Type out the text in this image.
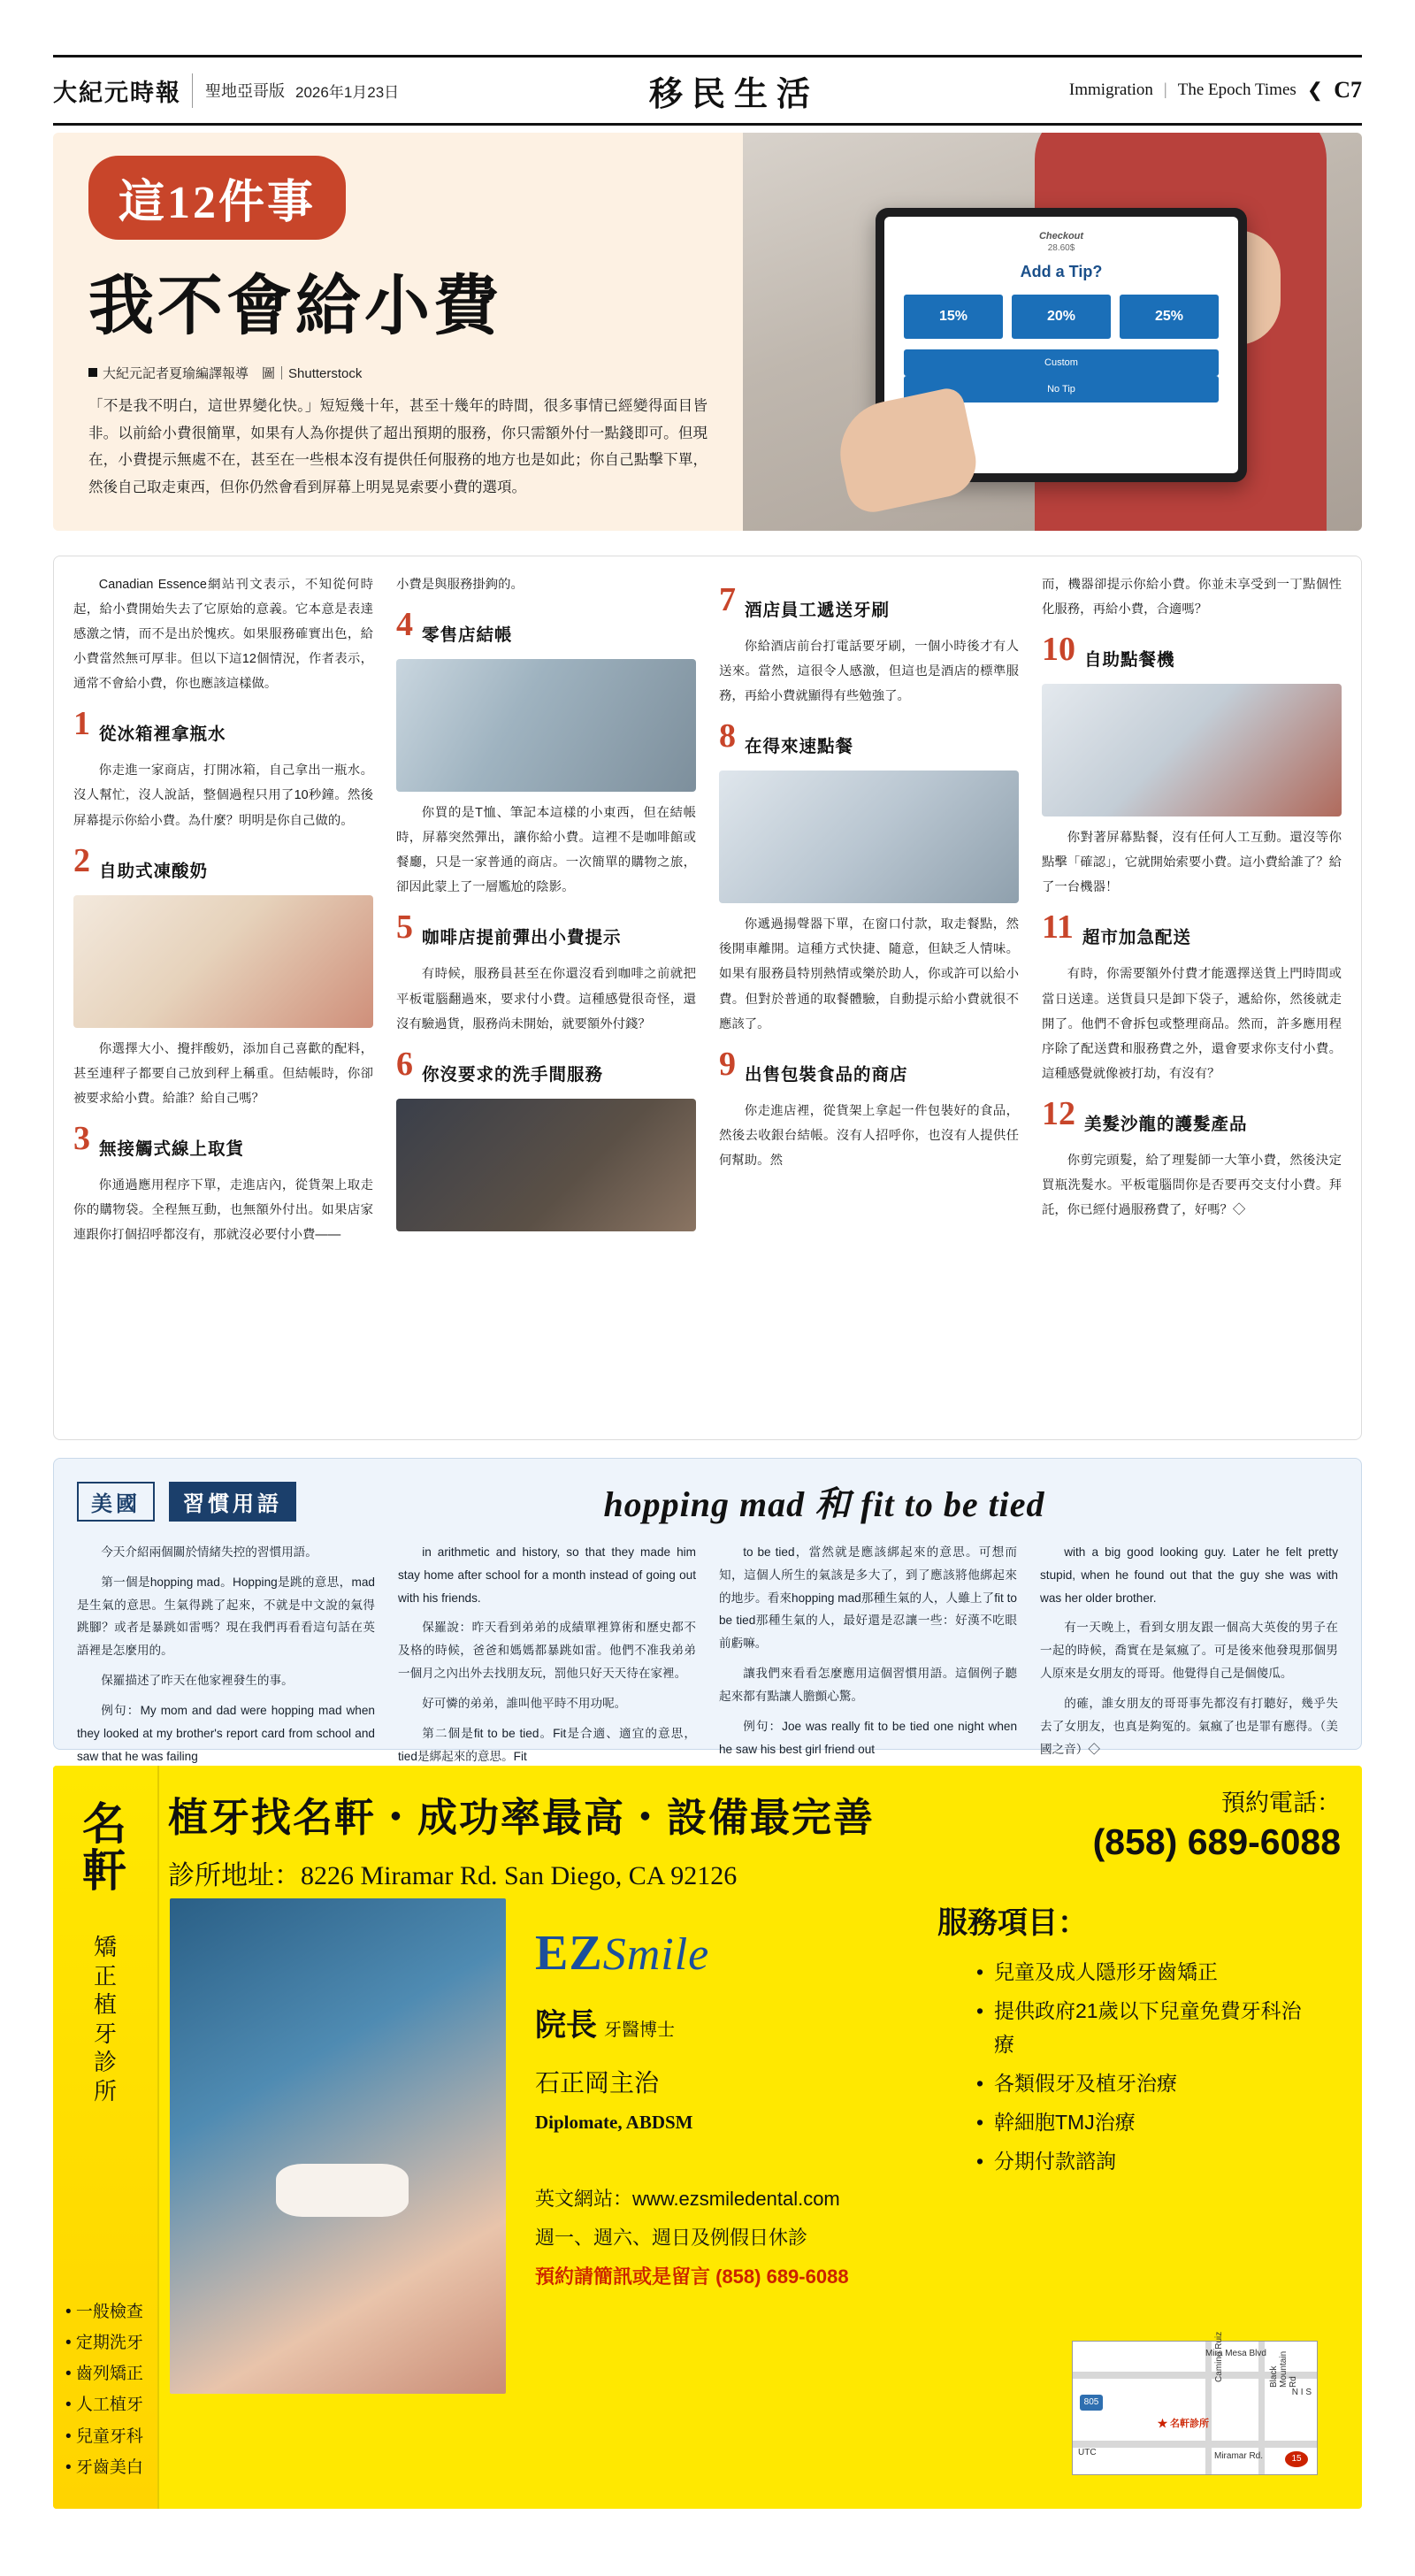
大紀元時報	聖地亞哥版 2026年1月23日	移民生活	Immigration | The Epoch Times ❮ C7
這12件事
我不會給小費
大紀元記者夏瑜編譯報導　圖｜Shutterstock
「不是我不明白，這世界變化快。」短短幾十年，甚至十幾年的時間，很多事情已經變得面目皆非。以前給小費很簡單，如果有人為你提供了超出預期的服務，你只需額外付一點錢即可。但現在，小費提示無處不在，甚至在一些根本沒有提供任何服務的地方也是如此；你自己點擊下單，然後自己取走東西，但你仍然會看到屏幕上明晃晃索要小費的選項。
Checkout
28.60$
Add a Tip?
15%	20%	25%
Custom
No Tip

Canadian Essence網站刊文表示，不知從何時起，給小費開始失去了它原始的意義。它本意是表達感激之情，而不是出於愧疚。如果服務確實出色，給小費當然無可厚非。但以下這12個情況，作者表示，通常不會給小費，你也應該這樣做。

1 從冰箱裡拿瓶水

你走進一家商店，打開冰箱，自己拿出一瓶水。沒人幫忙，沒人說話，整個過程只用了10秒鐘。然後屏幕提示你給小費。為什麼？明明是你自己做的。

2 自助式凍酸奶

你選擇大小、攪拌酸奶，添加自己喜歡的配料，甚至連秤子都要自己放到秤上稱重。但結帳時，你卻被要求給小費。給誰？給自己嗎？

3 無接觸式線上取貨

你通過應用程序下單，走進店內，從貨架上取走你的購物袋。全程無互動，也無額外付出。如果店家連跟你打個招呼都沒有，那就沒必要付小費——

小費是與服務掛鉤的。

4 零售店結帳

你買的是T恤、筆記本這樣的小東西，但在結帳時，屏幕突然彈出，讓你給小費。這裡不是咖啡館或餐廳，只是一家普通的商店。一次簡單的購物之旅，卻因此蒙上了一層尷尬的陰影。

5 咖啡店提前彈出小費提示

有時候，服務員甚至在你還沒看到咖啡之前就把平板電腦翻過來，要求付小費。這種感覺很奇怪，還沒有驗過貨，服務尚未開始，就要額外付錢？

6 你沒要求的洗手間服務
7 酒店員工遞送牙刷

你給酒店前台打電話要牙刷，一個小時後才有人送來。當然，這很令人感激，但這也是酒店的標準服務，再給小費就顯得有些勉強了。

8 在得來速點餐

你遞過揚聲器下單，在窗口付款，取走餐點，然後開車離開。這種方式快捷、隨意，但缺乏人情味。如果有服務員特別熱情或樂於助人，你或許可以給小費。但對於普通的取餐體驗，自動提示給小費就很不應該了。

9 出售包裝食品的商店

你走進店裡，從貨架上拿起一件包裝好的食品，然後去收銀台結帳。沒有人招呼你，也沒有人提供任何幫助。然

而，機器卻提示你給小費。你並未享受到一丁點個性化服務，再給小費，合適嗎？

10 自助點餐機

你對著屏幕點餐，沒有任何人工互動。還沒等你點擊「確認」，它就開始索要小費。這小費給誰了？給了一台機器！

11 超市加急配送

有時，你需要額外付費才能選擇送貨上門時間或當日送達。送貨員只是卸下袋子，遞給你，然後就走開了。他們不會拆包或整理商品。然而，許多應用程序除了配送費和服務費之外，還會要求你支付小費。這種感覺就像被打劫，有沒有？

12 美髮沙龍的護髮產品

你剪完頭髮，給了理髮師一大筆小費，然後決定買瓶洗髮水。平板電腦問你是否要再交支付小費。拜託，你已經付過服務費了，好嗎？◇

美國	習慣用語	hopping mad 和 fit to be tied

今天介紹兩個關於情緒失控的習慣用語。

第一個是hopping mad。Hopping是跳的意思，mad是生氣的意思。生氣得跳了起來，不就是中文說的氣得跳腳？或者是暴跳如雷嗎？現在我們再看看這句話在英語裡是怎麼用的。

保羅描述了昨天在他家裡發生的事。

例句：My mom and dad were hopping mad when they looked at my brother's report card from school and saw that he was failing

in arithmetic and history, so that they made him stay home after school for a month instead of going out with his friends.

保羅說：昨天看到弟弟的成績單裡算術和歷史都不及格的時候，爸爸和媽媽都暴跳如雷。他們不准我弟弟一個月之內出外去找朋友玩，罰他只好天天待在家裡。

好可憐的弟弟，誰叫他平時不用功呢。

第二個是fit to be tied。Fit是合適、適宜的意思，tied是綁起來的意思。Fit

to be tied，當然就是應該綁起來的意思。可想而知，這個人所生的氣該是多大了，到了應該將他綁起來的地步。看來hopping mad那種生氣的人，人雖上了fit to be tied那種生氣的人，最好還是忍讓一些：好漢不吃眼前虧嘛。

讓我們來看看怎麼應用這個習慣用語。這個例子聽起來都有點讓人膽顫心驚。

例句：Joe was really fit to be tied one night when he saw his best girl friend out

with a big good looking guy. Later he felt pretty stupid, when he found out that the guy she was with was her older brother.

有一天晚上，看到女朋友跟一個高大英俊的男子在一起的時候，喬實在是氣瘋了。可是後來他發現那個男人原來是女朋友的哥哥。他覺得自己是個傻瓜。

的確，誰女朋友的哥哥事先都沒有打聽好，幾乎失去了女朋友，也真是夠冤的。氣瘋了也是罪有應得。（美國之音）◇

名軒
矯正植牙診所
• 一般檢查
• 定期洗牙
• 齒列矯正
• 人工植牙
• 兒童牙科
• 牙齒美白
植牙找名軒・成功率最高・設備最完善
診所地址：8226 Miramar Rd. San Diego, CA 92126
預約電話：
(858) 689-6088
EZSmile
院長 牙醫博士
石正岡主治
Diplomate, ABDSM
英文網站：www.ezsmiledental.com
週一、週六、週日及例假日休診
預約請簡訊或是留言 (858) 689-6088
服務項目：
• 兒童及成人隱形牙齒矯正
• 提供政府21歲以下兒童免費牙科治療
• 各類假牙及植牙治療
• 幹細胞TMJ治療
• 分期付款諮詢
Mira Mesa Blvd
805
UTC	Miramar Rd.	15
Camino Ruiz	Black Mountain Rd
★ 名軒診所
N I S
